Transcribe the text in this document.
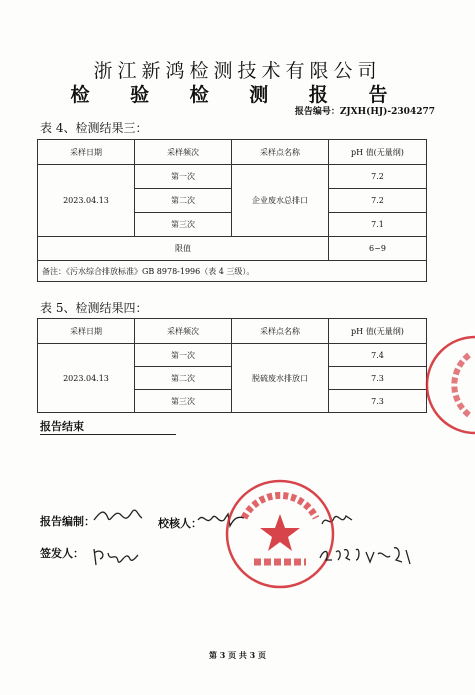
浙江新鸿检测技术有限公司
检 验 检 测 报 告
报告编号：ZJXH(HJ)-2304277
表 4、检测结果三：
采样日期	采样频次	采样点名称	pH 值(无量纲)
2023.04.13	第一次	企业废水总排口	7.2
	第二次		7.2
	第三次		7.1
限值			6~9
备注：《污水综合排放标准》GB 8978-1996（表 4 三级）。			
表 5、检测结果四：
采样日期	采样频次	采样点名称	pH 值(无量纲)
2023.04.13	第一次	脱硫废水排放口	7.4
	第二次		7.3
	第三次		7.3
报告结束
报告编制：	校核人：
签发人：
第 3 页 共 3 页
